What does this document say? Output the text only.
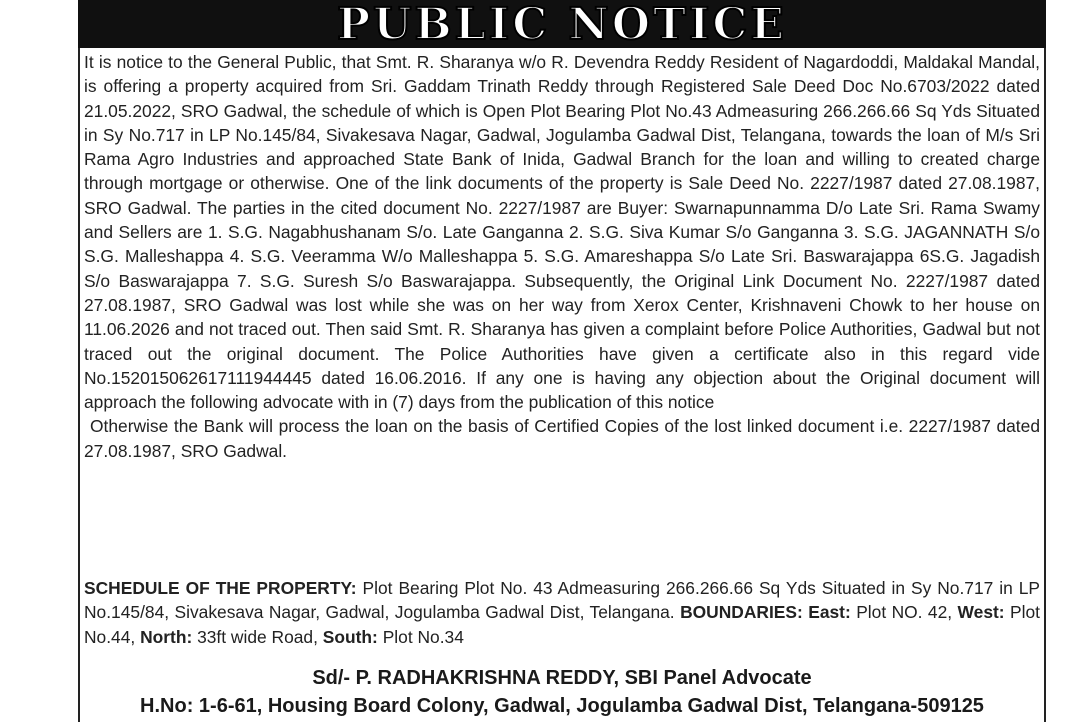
PUBLIC NOTICE

It is notice to the General Public, that Smt. R. Sharanya w/o R. Devendra Reddy Resident of Nagardoddi, Maldakal Mandal, is offering a property acquired from Sri. Gaddam Trinath Reddy through Registered Sale Deed Doc No.6703/2022 dated 21.05.2022, SRO Gadwal, the schedule of which is Open Plot Bearing Plot No.43 Admeasuring 266.266.66 Sq Yds Situated in Sy No.717 in LP No.145/84, Sivakesava Nagar, Gadwal, Jogulamba Gadwal Dist, Telangana, towards the loan of M/s Sri Rama Agro Industries and approached State Bank of Inida, Gadwal Branch for the loan and willing to created charge through mortgage or otherwise. One of the link documents of the property is Sale Deed No. 2227/1987 dated 27.08.1987, SRO Gadwal. The parties in the cited document No. 2227/1987 are Buyer: Swarnapunnamma D/o Late Sri. Rama Swamy and Sellers are 1. S.G. Nagabhushanam S/o. Late Ganganna 2. S.G. Siva Kumar S/o Ganganna 3. S.G. JAGANNATH S/o S.G. Malleshappa 4. S.G. Veeramma W/o Malleshappa 5. S.G. Amareshappa S/o Late Sri. Baswarajappa 6S.G. Jagadish S/o Baswarajappa 7. S.G. Suresh S/o Baswarajappa. Subsequently, the Original Link Document No. 2227/1987 dated 27.08.1987, SRO Gadwal was lost while she was on her way from Xerox Center, Krishnaveni Chowk to her house on 11.06.2026 and not traced out. Then said Smt. R. Sharanya has given a complaint before Police Authorities, Gadwal but not traced out the original document. The Police Authorities have given a certificate also in this regard vide No.152015062617111944445 dated 16.06.2016. If any one is having any objection about the Original document will approach the following advocate with in (7) days from the publication of this notice

Otherwise the Bank will process the loan on the basis of Certified Copies of the lost linked document i.e. 2227/1987 dated 27.08.1987, SRO Gadwal.

SCHEDULE OF THE PROPERTY: Plot Bearing Plot No. 43 Admeasuring 266.266.66 Sq Yds Situated in Sy No.717 in LP No.145/84, Sivakesava Nagar, Gadwal, Jogulamba Gadwal Dist, Telangana. BOUNDARIES: East: Plot NO. 42, West: Plot No.44, North: 33ft wide Road, South: Plot No.34
Sd/- P. RADHAKRISHNA REDDY, SBI Panel Advocate
H.No: 1-6-61, Housing Board Colony, Gadwal, Jogulamba Gadwal Dist, Telangana-509125
